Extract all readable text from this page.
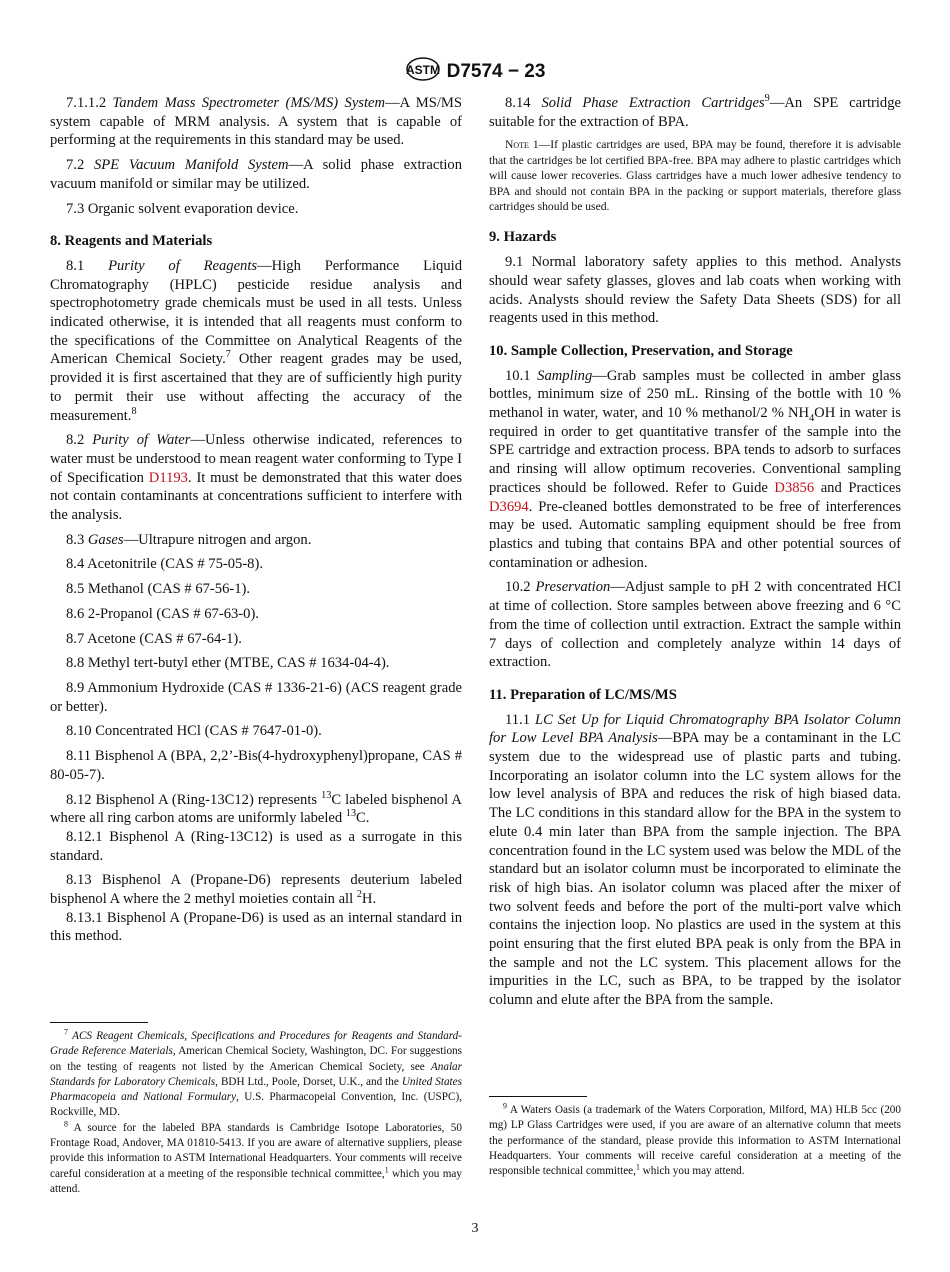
ASTM D7574 − 23
7.1.1.2 Tandem Mass Spectrometer (MS/MS) System—A MS/MS system capable of MRM analysis. A system that is capable of performing at the requirements in this standard may be used.
7.2 SPE Vacuum Manifold System—A solid phase extraction vacuum manifold or similar may be utilized.
7.3 Organic solvent evaporation device.
8. Reagents and Materials
8.1 Purity of Reagents—High Performance Liquid Chromatography (HPLC) pesticide residue analysis and spectrophotometry grade chemicals must be used in all tests. Unless indicated otherwise, it is intended that all reagents must conform to the specifications of the Committee on Analytical Reagents of the American Chemical Society.$^7$ Other reagent grades may be used, provided it is first ascertained that they are of sufficiently high purity to permit their use without affecting the accuracy of the measurement.$^8$
8.2 Purity of Water—Unless otherwise indicated, references to water must be understood to mean reagent water conforming to Type I of Specification D1193. It must be demonstrated that this water does not contain contaminants at concentrations sufficient to interfere with the analysis.
8.3 Gases—Ultrapure nitrogen and argon.
8.4 Acetonitrile (CAS # 75-05-8).
8.5 Methanol (CAS # 67-56-1).
8.6 2-Propanol (CAS # 67-63-0).
8.7 Acetone (CAS # 67-64-1).
8.8 Methyl tert-butyl ether (MTBE, CAS # 1634-04-4).
8.9 Ammonium Hydroxide (CAS # 1336-21-6) (ACS reagent grade or better).
8.10 Concentrated HCl (CAS # 7647-01-0).
8.11 Bisphenol A (BPA, 2,2’-Bis(4-hydroxyphenyl)propane, CAS # 80-05-7).
8.12 Bisphenol A (Ring-13C12) represents $^{13}$C labeled bisphenol A where all ring carbon atoms are uniformly labeled $^{13}$C.
8.12.1 Bisphenol A (Ring-13C12) is used as a surrogate in this standard.
8.13 Bisphenol A (Propane-D6) represents deuterium labeled bisphenol A where the 2 methyl moieties contain all $^2$H.
8.13.1 Bisphenol A (Propane-D6) is used as an internal standard in this method.
$^7$ ACS Reagent Chemicals, Specifications and Procedures for Reagents and Standard-Grade Reference Materials, American Chemical Society, Washington, DC. For suggestions on the testing of reagents not listed by the American Chemical Society, see Analar Standards for Laboratory Chemicals, BDH Ltd., Poole, Dorset, U.K., and the United States Pharmacopeia and National Formulary, U.S. Pharmacopeial Convention, Inc. (USPC), Rockville, MD.
$^8$ A source for the labeled BPA standards is Cambridge Isotope Laboratories, 50 Frontage Road, Andover, MA 01810-5413. If you are aware of alternative suppliers, please provide this information to ASTM International Headquarters. Your comments will receive careful consideration at a meeting of the responsible technical committee,$^1$ which you may attend.
8.14 Solid Phase Extraction Cartridges$^9$—An SPE cartridge suitable for the extraction of BPA.
Note 1—If plastic cartridges are used, BPA may be found, therefore it is advisable that the cartridges be lot certified BPA-free. BPA may adhere to plastic cartridges which will cause lower recoveries. Glass cartridges have a much lower adhesive tendency to BPA and should not contain BPA in the packing or support materials, therefore glass cartridges should be used.
9. Hazards
9.1 Normal laboratory safety applies to this method. Analysts should wear safety glasses, gloves and lab coats when working with acids. Analysts should review the Safety Data Sheets (SDS) for all reagents used in this method.
10. Sample Collection, Preservation, and Storage
10.1 Sampling—Grab samples must be collected in amber glass bottles, minimum size of 250 mL. Rinsing of the bottle with 10 % methanol in water, water, and 10 % methanol/2 % $NH_4OH$ in water is required in order to get quantitative transfer of the sample into the SPE cartridge and extraction process. BPA tends to adsorb to surfaces and rinsing will allow optimum recoveries. Conventional sampling practices should be followed. Refer to Guide D3856 and Practices D3694. Pre-cleaned bottles demonstrated to be free of interferences may be used. Automatic sampling equipment should be free from plastics and tubing that contains BPA and other potential sources of contamination or adhesion.
10.2 Preservation—Adjust sample to pH 2 with concentrated HCl at time of collection. Store samples between above freezing and 6 °C from the time of collection until extraction. Extract the sample within 7 days of collection and completely analyze within 14 days of extraction.
11. Preparation of LC/MS/MS
11.1 LC Set Up for Liquid Chromatography BPA Isolator Column for Low Level BPA Analysis—BPA may be a contaminant in the LC system due to the widespread use of plastic parts and tubing. Incorporating an isolator column into the LC system allows for the low level analysis of BPA and reduces the risk of high biased data. The LC conditions in this standard allow for the BPA in the system to elute 0.4 min later than BPA from the sample injection. The BPA concentration found in the LC system used was below the MDL of the standard but an isolator column must be incorporated to eliminate the risk of high bias. An isolator column was placed after the mixer of two solvent feeds and before the port of the multi-port valve which contains the injection loop. No plastics are used in the system at this point ensuring that the first eluted BPA peak is only from the BPA in the sample and not the LC system. This placement allows for the impurities in the LC, such as BPA, to be trapped by the isolator column and elute after the BPA from the sample.
$^9$ A Waters Oasis (a trademark of the Waters Corporation, Milford, MA) HLB 5cc (200 mg) LP Glass Cartridges were used, if you are aware of an alternative column that meets the performance of the standard, please provide this information to ASTM International Headquarters. Your comments will receive careful consideration at a meeting of the responsible technical committee,$^1$ which you may attend.
3
